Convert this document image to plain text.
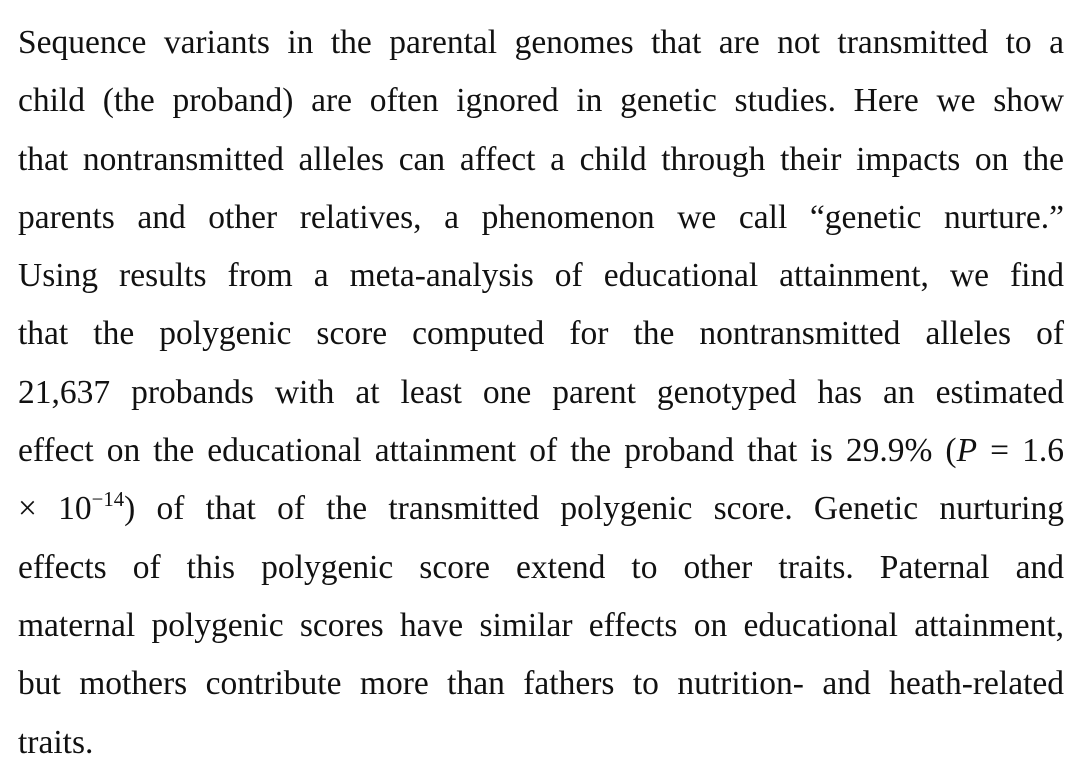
Sequence variants in the parental genomes that are not transmitted to a
child (the proband) are often ignored in genetic studies. Here we show
that nontransmitted alleles can affect a child through their impacts on the
parents and other relatives, a phenomenon we call “genetic nurture.”
Using results from a meta-analysis of educational attainment, we find
that the polygenic score computed for the nontransmitted alleles of
21,637 probands with at least one parent genotyped has an estimated
effect on the educational attainment of the proband that is 29.9% (P = 1.6
× $10^{-14}$) of that of the transmitted polygenic score. Genetic nurturing
effects of this polygenic score extend to other traits. Paternal and
maternal polygenic scores have similar effects on educational attainment,
but mothers contribute more than fathers to nutrition- and heath-related
traits.
